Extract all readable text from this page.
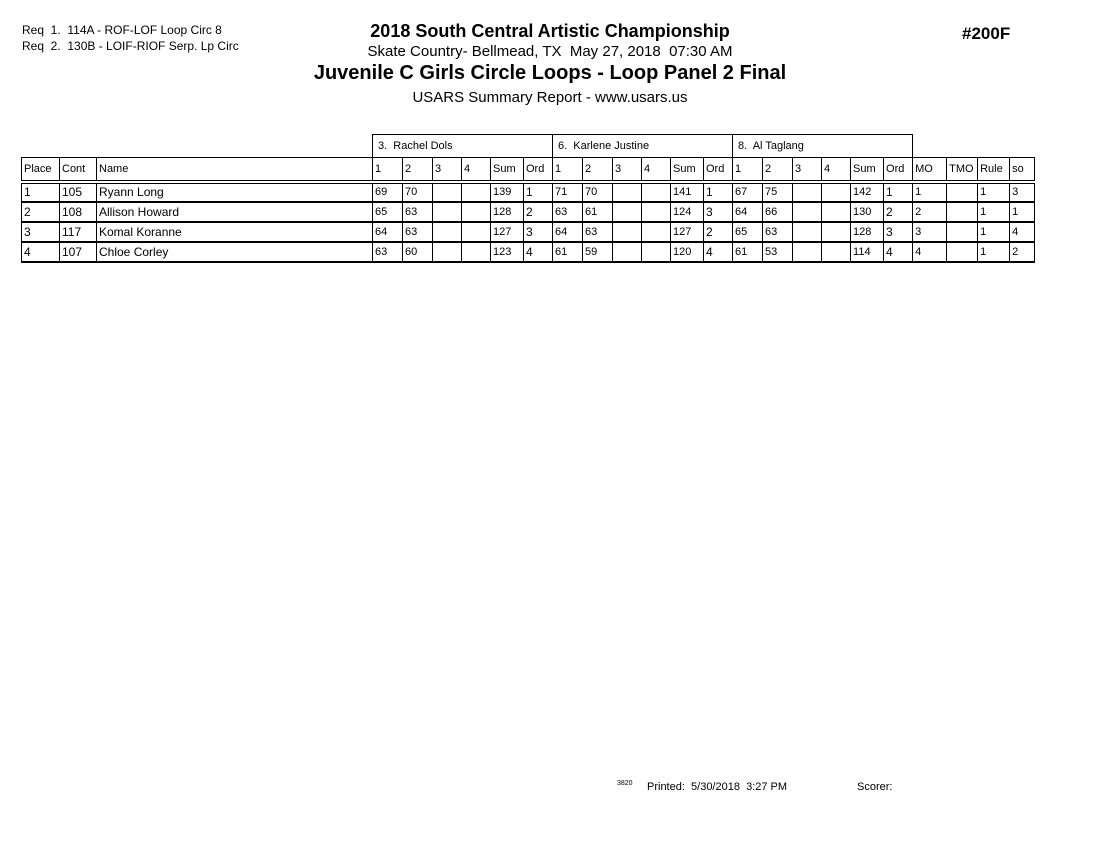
Req  1.  114A - ROF-LOF Loop Circ 8
Req  2.  130B - LOIF-RIOF Serp. Lp Circ
2018 South Central Artistic Championship
Skate Country- Bellmead, TX  May 27, 2018  07:30 AM
Juvenile C Girls Circle Loops - Loop Panel 2 Final
USARS Summary Report - www.usars.us
#200F
			3.  Rachel Dols						6.  Karlene Justine						8.  Al Taglang									
Place	Cont	Name	1	2	3	4	Sum	Ord	1	2	3	4	Sum	Ord	1	2	3	4	Sum	Ord	MO	TMO	Rule	so
1	105	Ryann Long	69	70			139	1	71	70			141	1	67	75			142	1	1		1	3
2	108	Allison Howard	65	63			128	2	63	61			124	3	64	66			130	2	2		1	1
3	117	Komal Koranne	64	63			127	3	64	63			127	2	65	63			128	3	3		1	4
4	107	Chloe Corley	63	60			123	4	61	59			120	4	61	53			114	4	4		1	2
3820 Printed:  5/30/2018  3:27 PM	Scorer:
